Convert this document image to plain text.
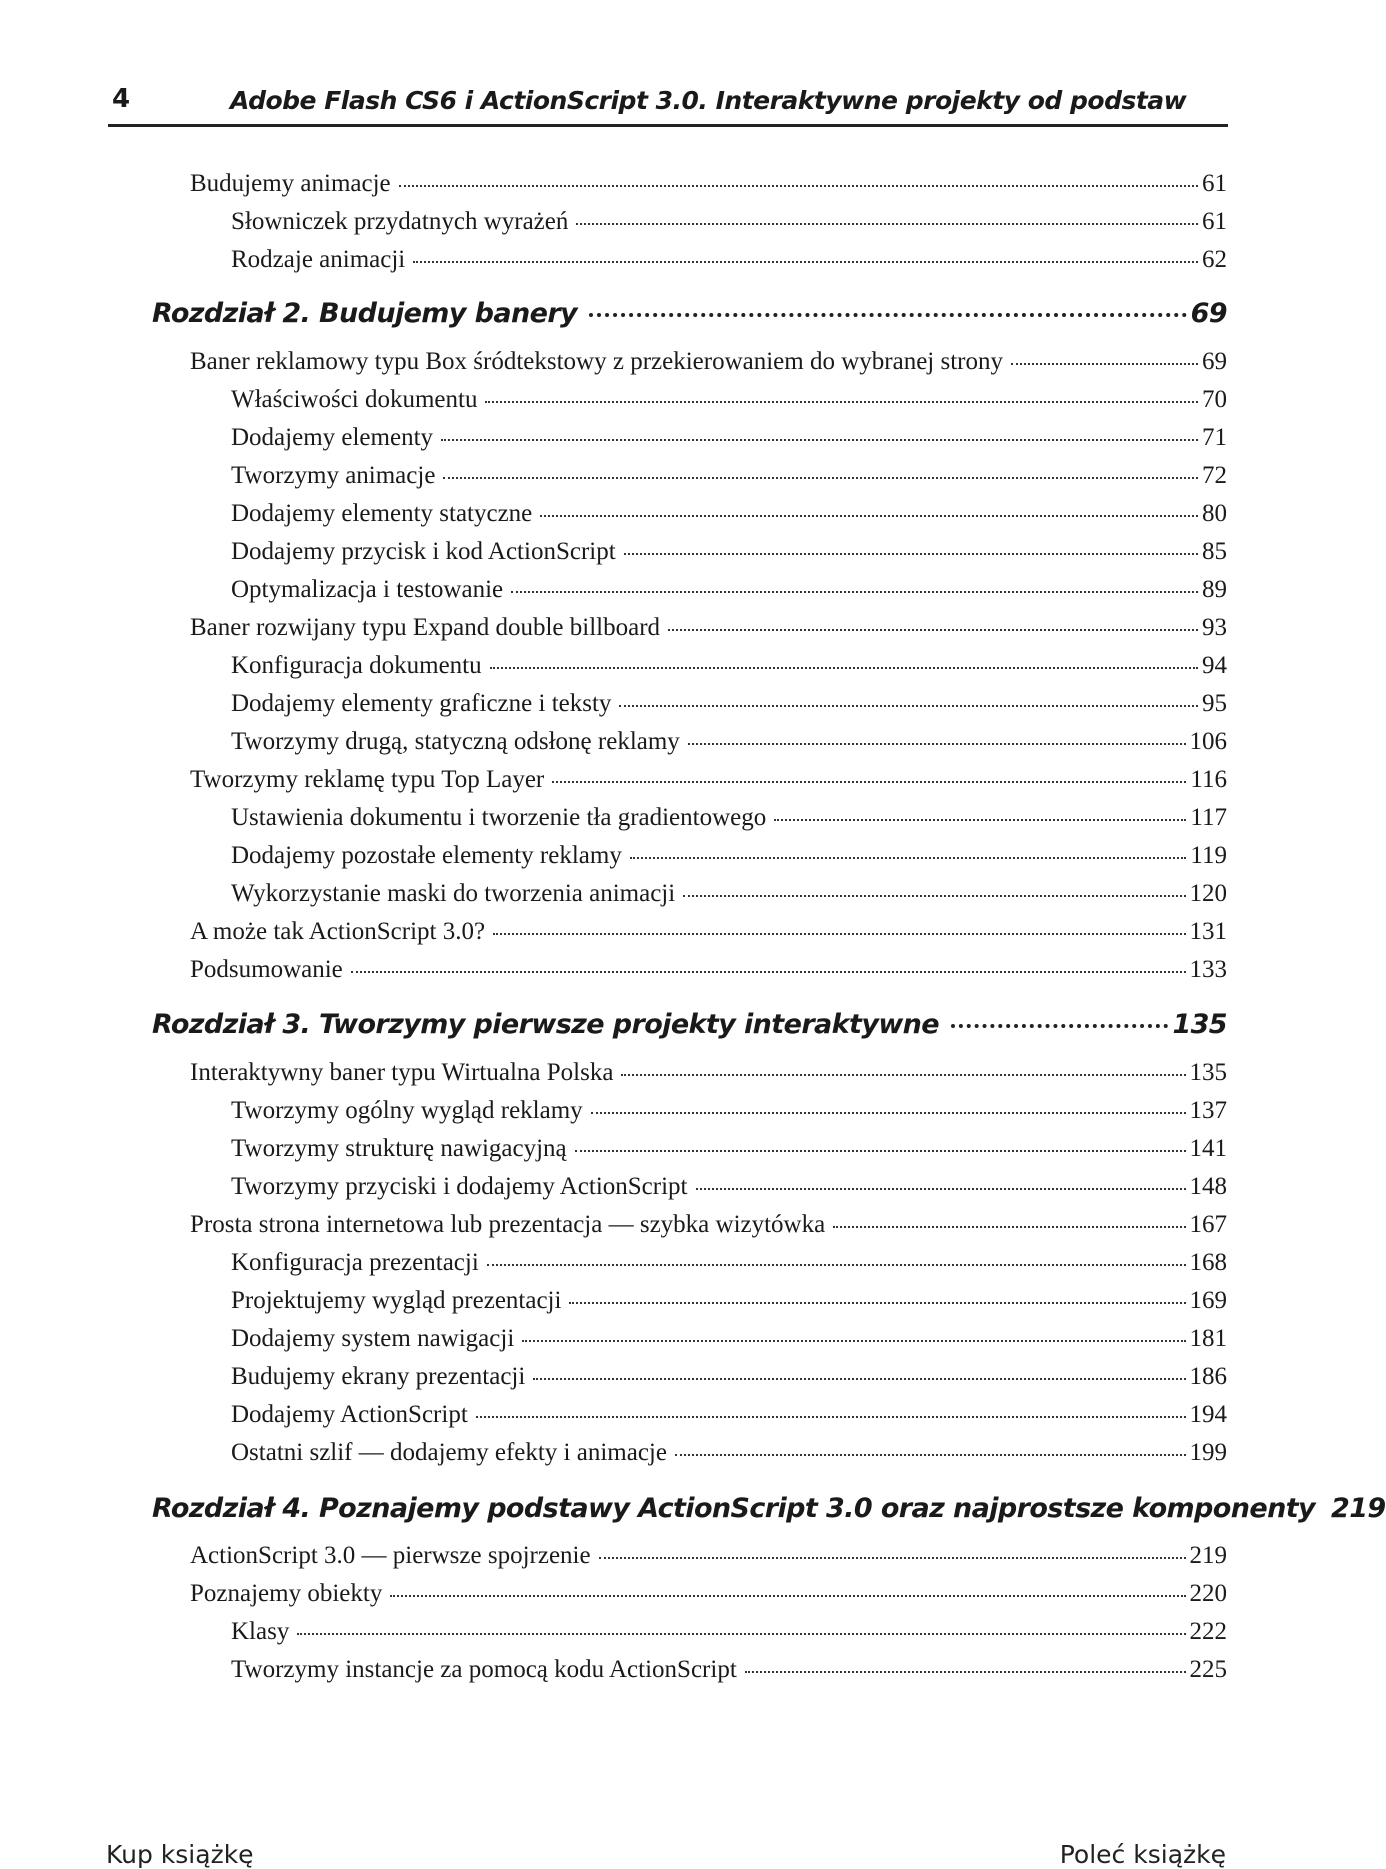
4	Adobe Flash CS6 i ActionScript 3.0. Interaktywne projekty od podstaw
Budujemy animacje	61
Słowniczek przydatnych wyrażeń	61
Rodzaje animacji	62
Rozdział 2. Budujemy banery	69
Baner reklamowy typu Box śródtekstowy z przekierowaniem do wybranej strony	69
Właściwości dokumentu	70
Dodajemy elementy	71
Tworzymy animacje	72
Dodajemy elementy statyczne	80
Dodajemy przycisk i kod ActionScript	85
Optymalizacja i testowanie	89
Baner rozwijany typu Expand double billboard	93
Konfiguracja dokumentu	94
Dodajemy elementy graficzne i teksty	95
Tworzymy drugą, statyczną odsłonę reklamy	106
Tworzymy reklamę typu Top Layer	116
Ustawienia dokumentu i tworzenie tła gradientowego	117
Dodajemy pozostałe elementy reklamy	119
Wykorzystanie maski do tworzenia animacji	120
A może tak ActionScript 3.0?	131
Podsumowanie	133
Rozdział 3. Tworzymy pierwsze projekty interaktywne	135
Interaktywny baner typu Wirtualna Polska	135
Tworzymy ogólny wygląd reklamy	137
Tworzymy strukturę nawigacyjną	141
Tworzymy przyciski i dodajemy ActionScript	148
Prosta strona internetowa lub prezentacja — szybka wizytówka	167
Konfiguracja prezentacji	168
Projektujemy wygląd prezentacji	169
Dodajemy system nawigacji	181
Budujemy ekrany prezentacji	186
Dodajemy ActionScript	194
Ostatni szlif — dodajemy efekty i animacje	199
Rozdział 4. Poznajemy podstawy ActionScript 3.0 oraz najprostsze komponenty 219
ActionScript 3.0 — pierwsze spojrzenie	219
Poznajemy obiekty	220
Klasy	222
Tworzymy instancje za pomocą kodu ActionScript	225
Kup książkę	Poleć książkę
